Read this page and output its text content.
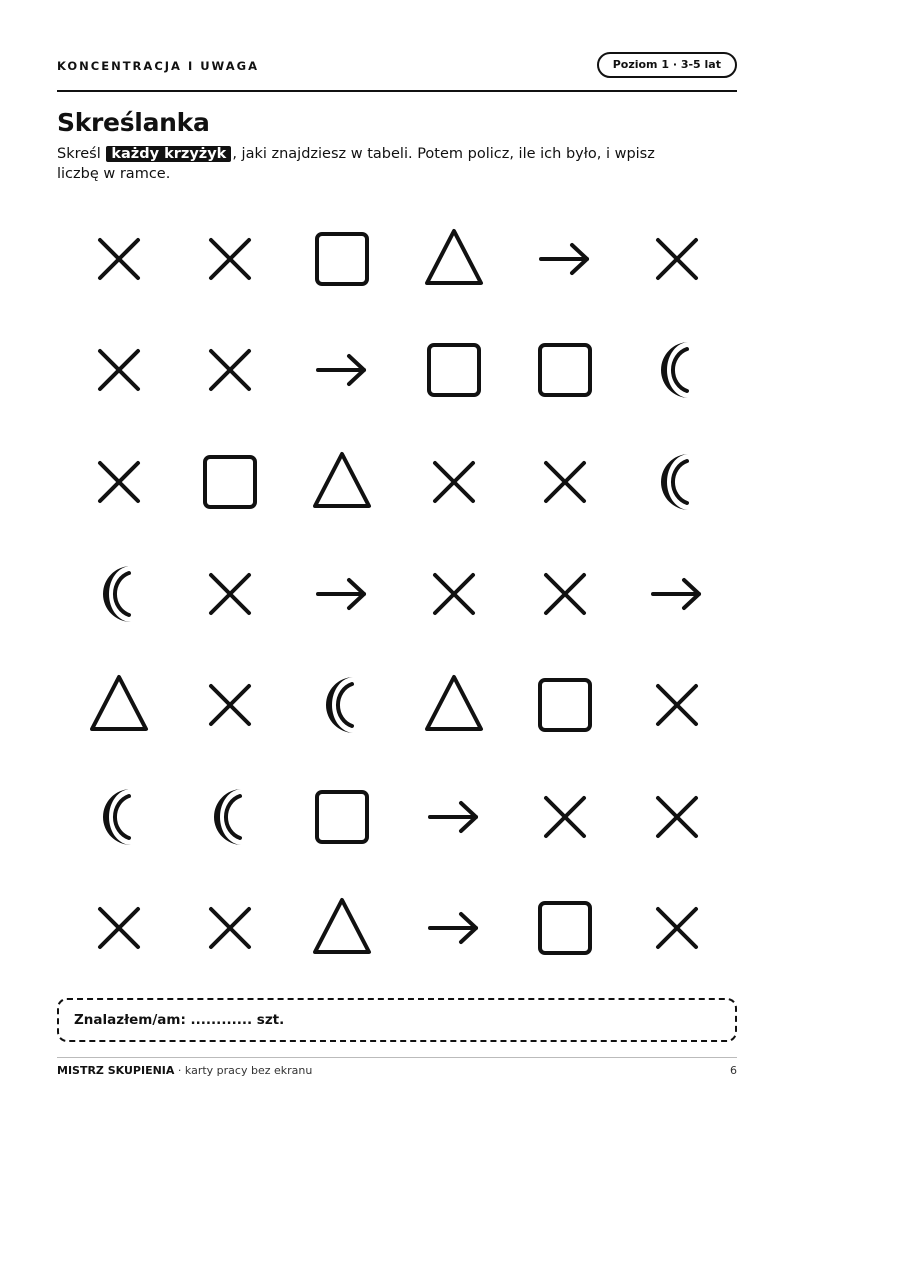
KONCENTRACJA I UWAGA	Poziom 1 · 3-5 lat
Skreślanka
Skreśl każdy krzyżyk , jaki znajdziesz w tabeli. Potem policz, ile ich było, i wpisz liczbę w ramce.
Znalazłem/am: ............ szt.
MISTRZ SKUPIENIA · karty pracy bez ekranu	6
